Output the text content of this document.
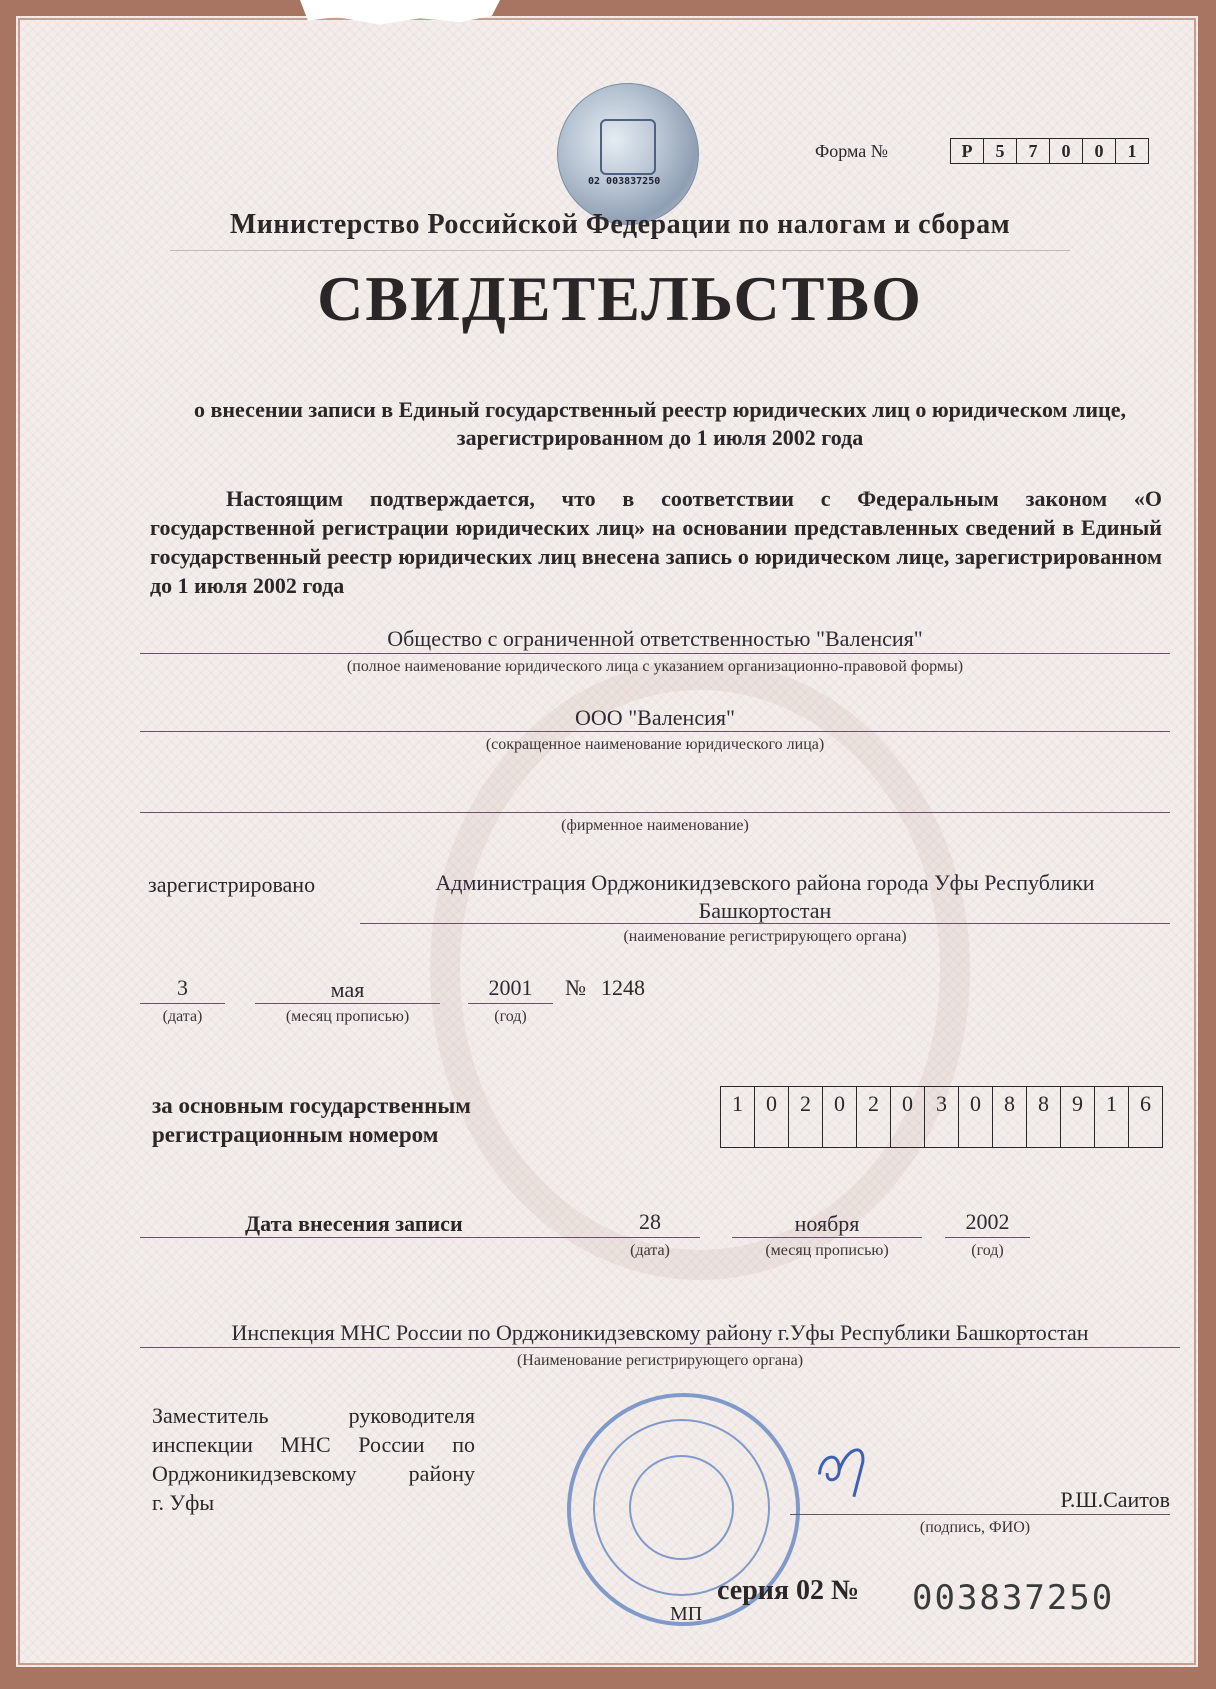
02 003837250
Форма №	Р	5	7	0	0	1
Министерство Российской Федерации по налогам и сборам
СВИДЕТЕЛЬСТВО
о внесении записи в Единый государственный реестр юридических лиц о юридическом лице, зарегистрированном до 1 июля 2002 года
Настоящим подтверждается, что в соответствии с Федеральным законом «О государственной регистрации юридических лиц» на основании представленных сведений в Единый государственный реестр юридических лиц внесена запись о юридическом лице, зарегистрированном до 1 июля 2002 года
Общество с ограниченной ответственностью "Валенсия"
(полное наименование юридического лица с указанием организационно-правовой формы)
ООО "Валенсия"
(сокращенное наименование юридического лица)
(фирменное наименование)
зарегистрировано	Администрация Орджоникидзевского района города Уфы Республики
Башкортостан
(наименование регистрирующего органа)
3
(дата)
мая
(месяц прописью)
2001
(год)
№ 1248
за основным государственным
регистрационным номером
1	0	2	0	2	0	3	0	8	8	9	1	6
Дата внесения записи	28
(дата)
ноября
(месяц прописью)
2002
(год)
Инспекция МНС России по Орджоникидзевскому району г.Уфы Республики Башкортостан
(Наименование регистрирующего органа)
Заместитель руководителя
инспекции МНС России по
Орджоникидзевскому району
г. Уфы	Р.Ш.Саитов
(подпись, ФИО)
МП
серия 02 № 003837250
